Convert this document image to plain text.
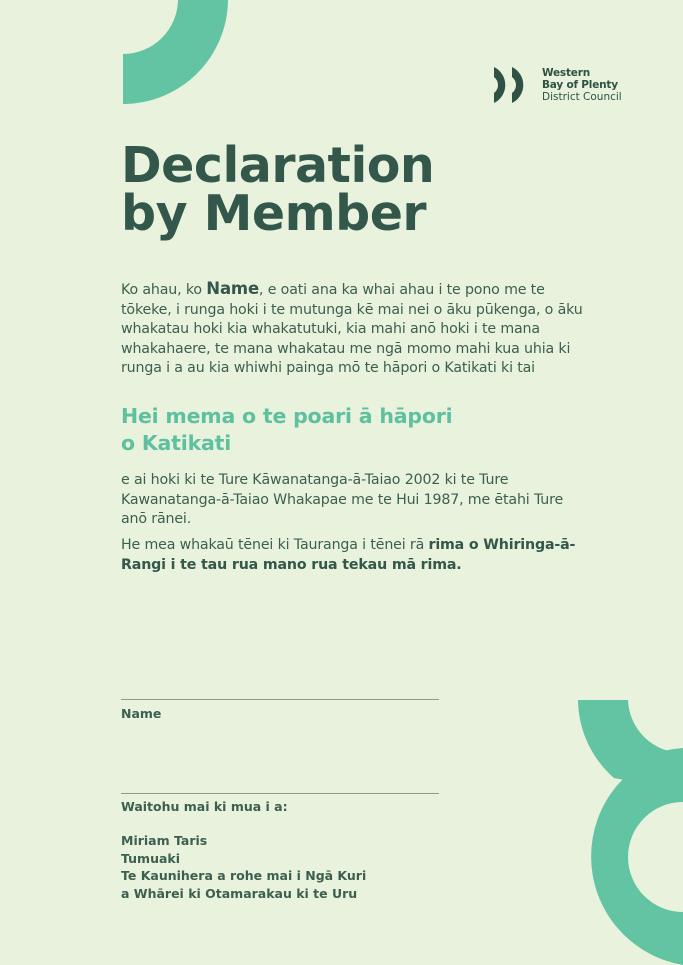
Western
Bay of Plenty
District Council
Declaration
by Member

Ko ahau, ko Name, e oati ana ka whai ahau i te pono me te tōkeke, i runga hoki i te mutunga kē mai nei o āku pūkenga, o āku whakatau hoki kia whakatutuki, kia mahi anō hoki i te mana whakahaere, te mana whakatau me ngā momo mahi kua uhia ki runga i a au kia whiwhi painga mō te hāpori o Katikati ki tai

Hei mema o te poari ā hāpori
o Katikati

e ai hoki ki te Ture Kāwanatanga-ā-Taiao 2002 ki te Ture Kawanatanga-ā-Taiao Whakapae me te Hui 1987, me ētahi Ture anō rānei.

He mea whakaū tēnei ki Tauranga i tēnei rā rima o Whiringa-ā-Rangi i te tau rua mano rua tekau mā rima.

Name

Waitohu mai ki mua i a:

Miriam Taris
Tumuaki
Te Kaunihera a rohe mai i Ngā Kuri
a Whārei ki Otamarakau ki te Uru
